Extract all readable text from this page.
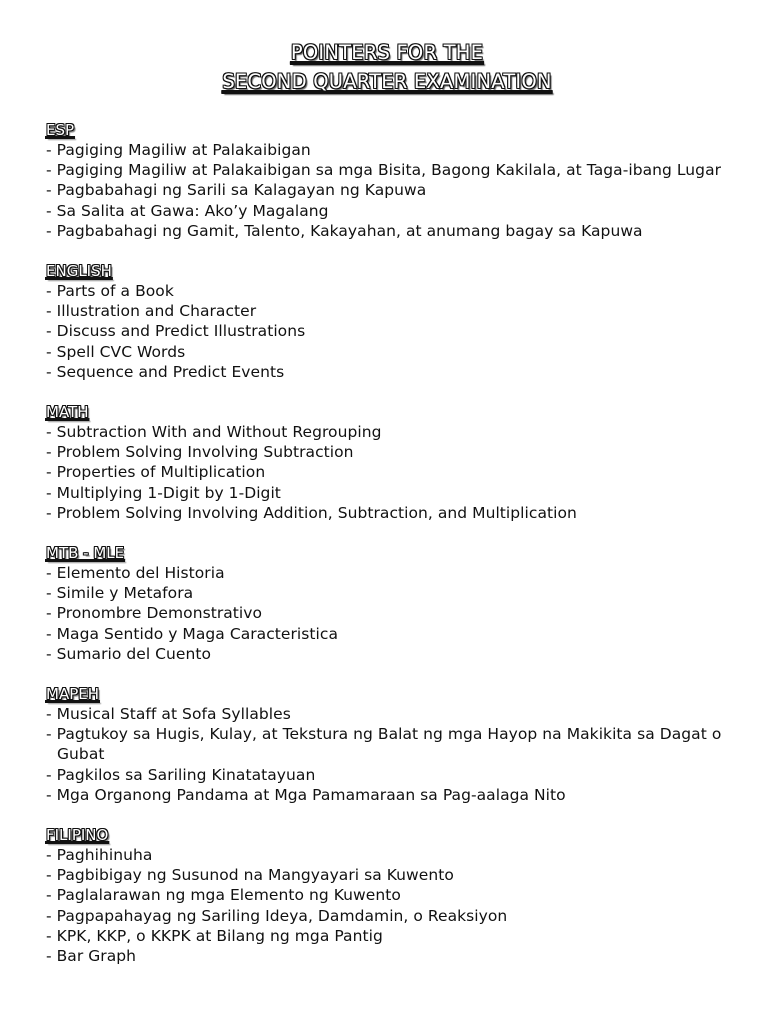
POINTERS FOR THE
SECOND QUARTER EXAMINATION
ESP
- Pagiging Magiliw at Palakaibigan
- Pagiging Magiliw at Palakaibigan sa mga Bisita, Bagong Kakilala, at Taga-ibang Lugar
- Pagbabahagi ng Sarili sa Kalagayan ng Kapuwa
- Sa Salita at Gawa: Ako’y Magalang
- Pagbabahagi ng Gamit, Talento, Kakayahan, at anumang bagay sa Kapuwa
ENGLISH
- Parts of a Book
- Illustration and Character
- Discuss and Predict Illustrations
- Spell CVC Words
- Sequence and Predict Events
MATH
- Subtraction With and Without Regrouping
- Problem Solving Involving Subtraction
- Properties of Multiplication
- Multiplying 1-Digit by 1-Digit
- Problem Solving Involving Addition, Subtraction, and Multiplication
MTB - MLE
- Elemento del Historia
- Simile y Metafora
- Pronombre Demonstrativo
- Maga Sentido y Maga Caracteristica
- Sumario del Cuento
MAPEH
- Musical Staff at Sofa Syllables
- Pagtukoy sa Hugis, Kulay, at Tekstura ng Balat ng mga Hayop na Makikita sa Dagat o Gubat
- Pagkilos sa Sariling Kinatatayuan
- Mga Organong Pandama at Mga Pamamaraan sa Pag-aalaga Nito
FILIPINO
- Paghihinuha
- Pagbibigay ng Susunod na Mangyayari sa Kuwento
- Paglalarawan ng mga Elemento ng Kuwento
- Pagpapahayag ng Sariling Ideya, Damdamin, o Reaksiyon
- KPK, KKP, o KKPK at Bilang ng mga Pantig
- Bar Graph
